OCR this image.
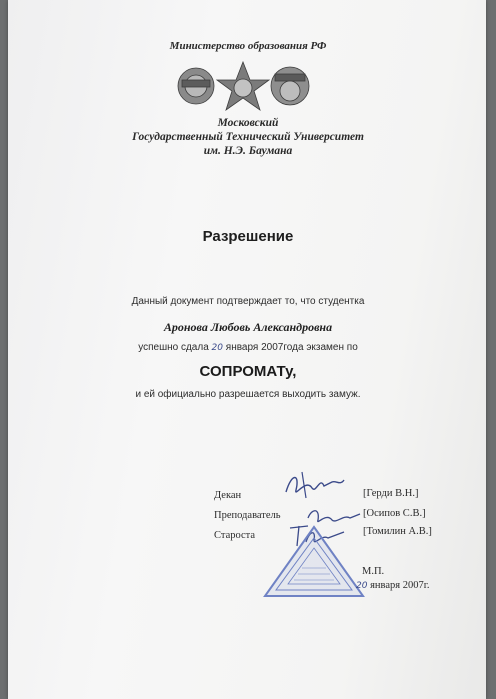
Министерство образования РФ
Московский
Государственный Технический Университет
им. Н.Э. Баумана
Разрешение
Данный документ подтверждает то, что студентка
Аронова Любовь Александровна
успешно сдала 20 января 2007года экзамен по
СОПРОМАТу,
и ей официально разрешается выходить замуж.
Декан	[Герди В.Н.]
Преподаватель	[Осипов С.В.]
Староста	[Томилин А.В.]
М.П.
20 января 2007г.
